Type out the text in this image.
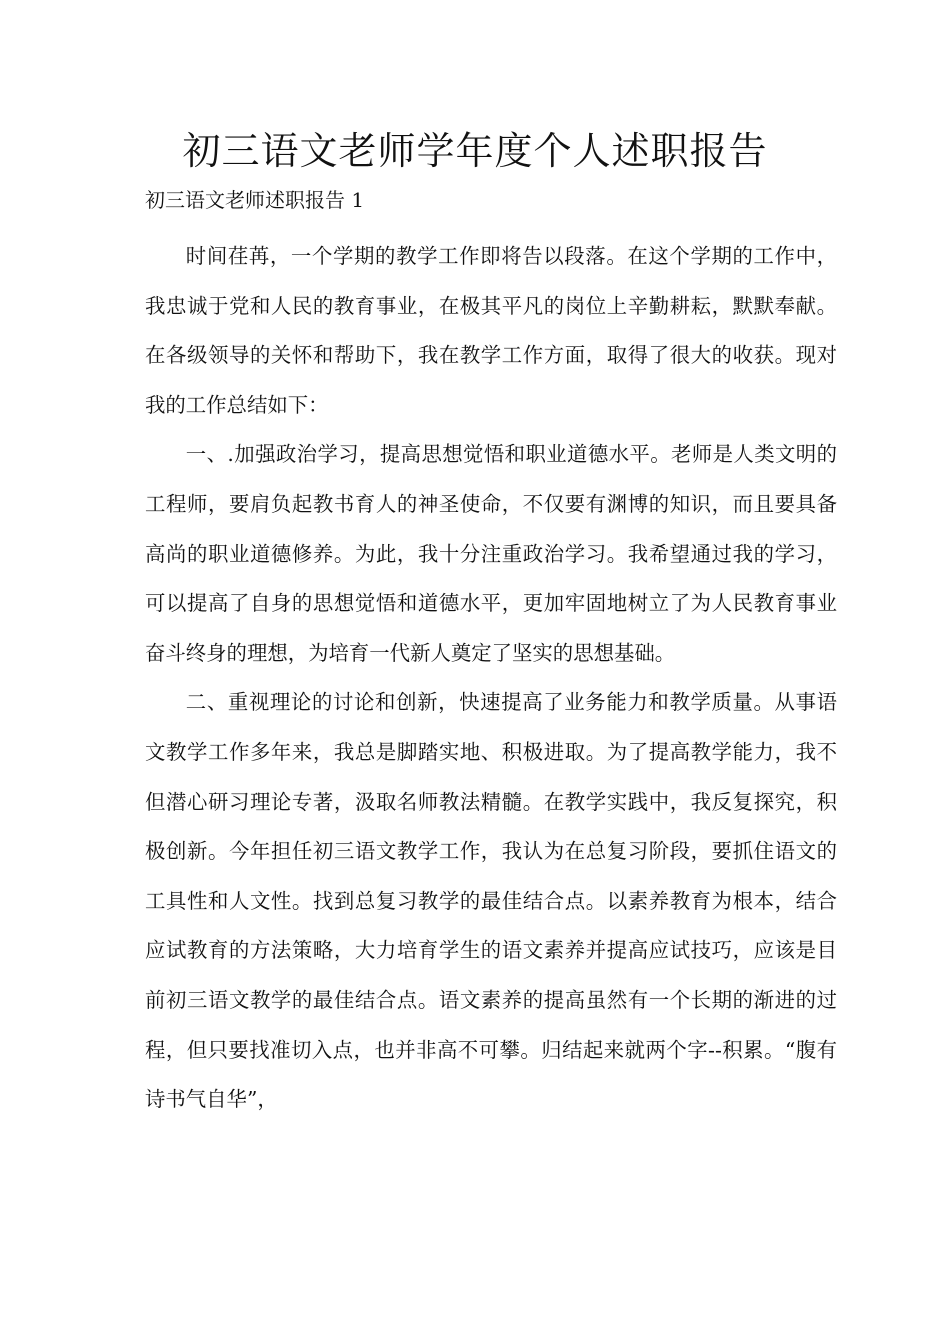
初三语文老师学年度个人述职报告

初三语文老师述职报告 1

时间荏苒，一个学期的教学工作即将告以段落。在这个学期的工作中，我忠诚于党和人民的教育事业，在极其平凡的岗位上辛勤耕耘，默默奉献。在各级领导的关怀和帮助下，我在教学工作方面，取得了很大的收获。现对我的工作总结如下：

一、.加强政治学习，提高思想觉悟和职业道德水平。老师是人类文明的工程师，要肩负起教书育人的神圣使命，不仅要有渊博的知识，而且要具备高尚的职业道德修养。为此，我十分注重政治学习。我希望通过我的学习，可以提高了自身的思想觉悟和道德水平，更加牢固地树立了为人民教育事业奋斗终身的理想，为培育一代新人奠定了坚实的思想基础。

二、重视理论的讨论和创新，快速提高了业务能力和教学质量。从事语文教学工作多年来，我总是脚踏实地、积极进取。为了提高教学能力，我不但潜心研习理论专著，汲取名师教法精髓。在教学实践中，我反复探究，积极创新。今年担任初三语文教学工作，我认为在总复习阶段，要抓住语文的工具性和人文性。找到总复习教学的最佳结合点。以素养教育为根本，结合应试教育的方法策略，大力培育学生的语文素养并提高应试技巧，应该是目前初三语文教学的最佳结合点。语文素养的提高虽然有一个长期的渐进的过程，但只要找准切入点，也并非高不可攀。归结起来就两个字--积累。“腹有诗书气自华”，
